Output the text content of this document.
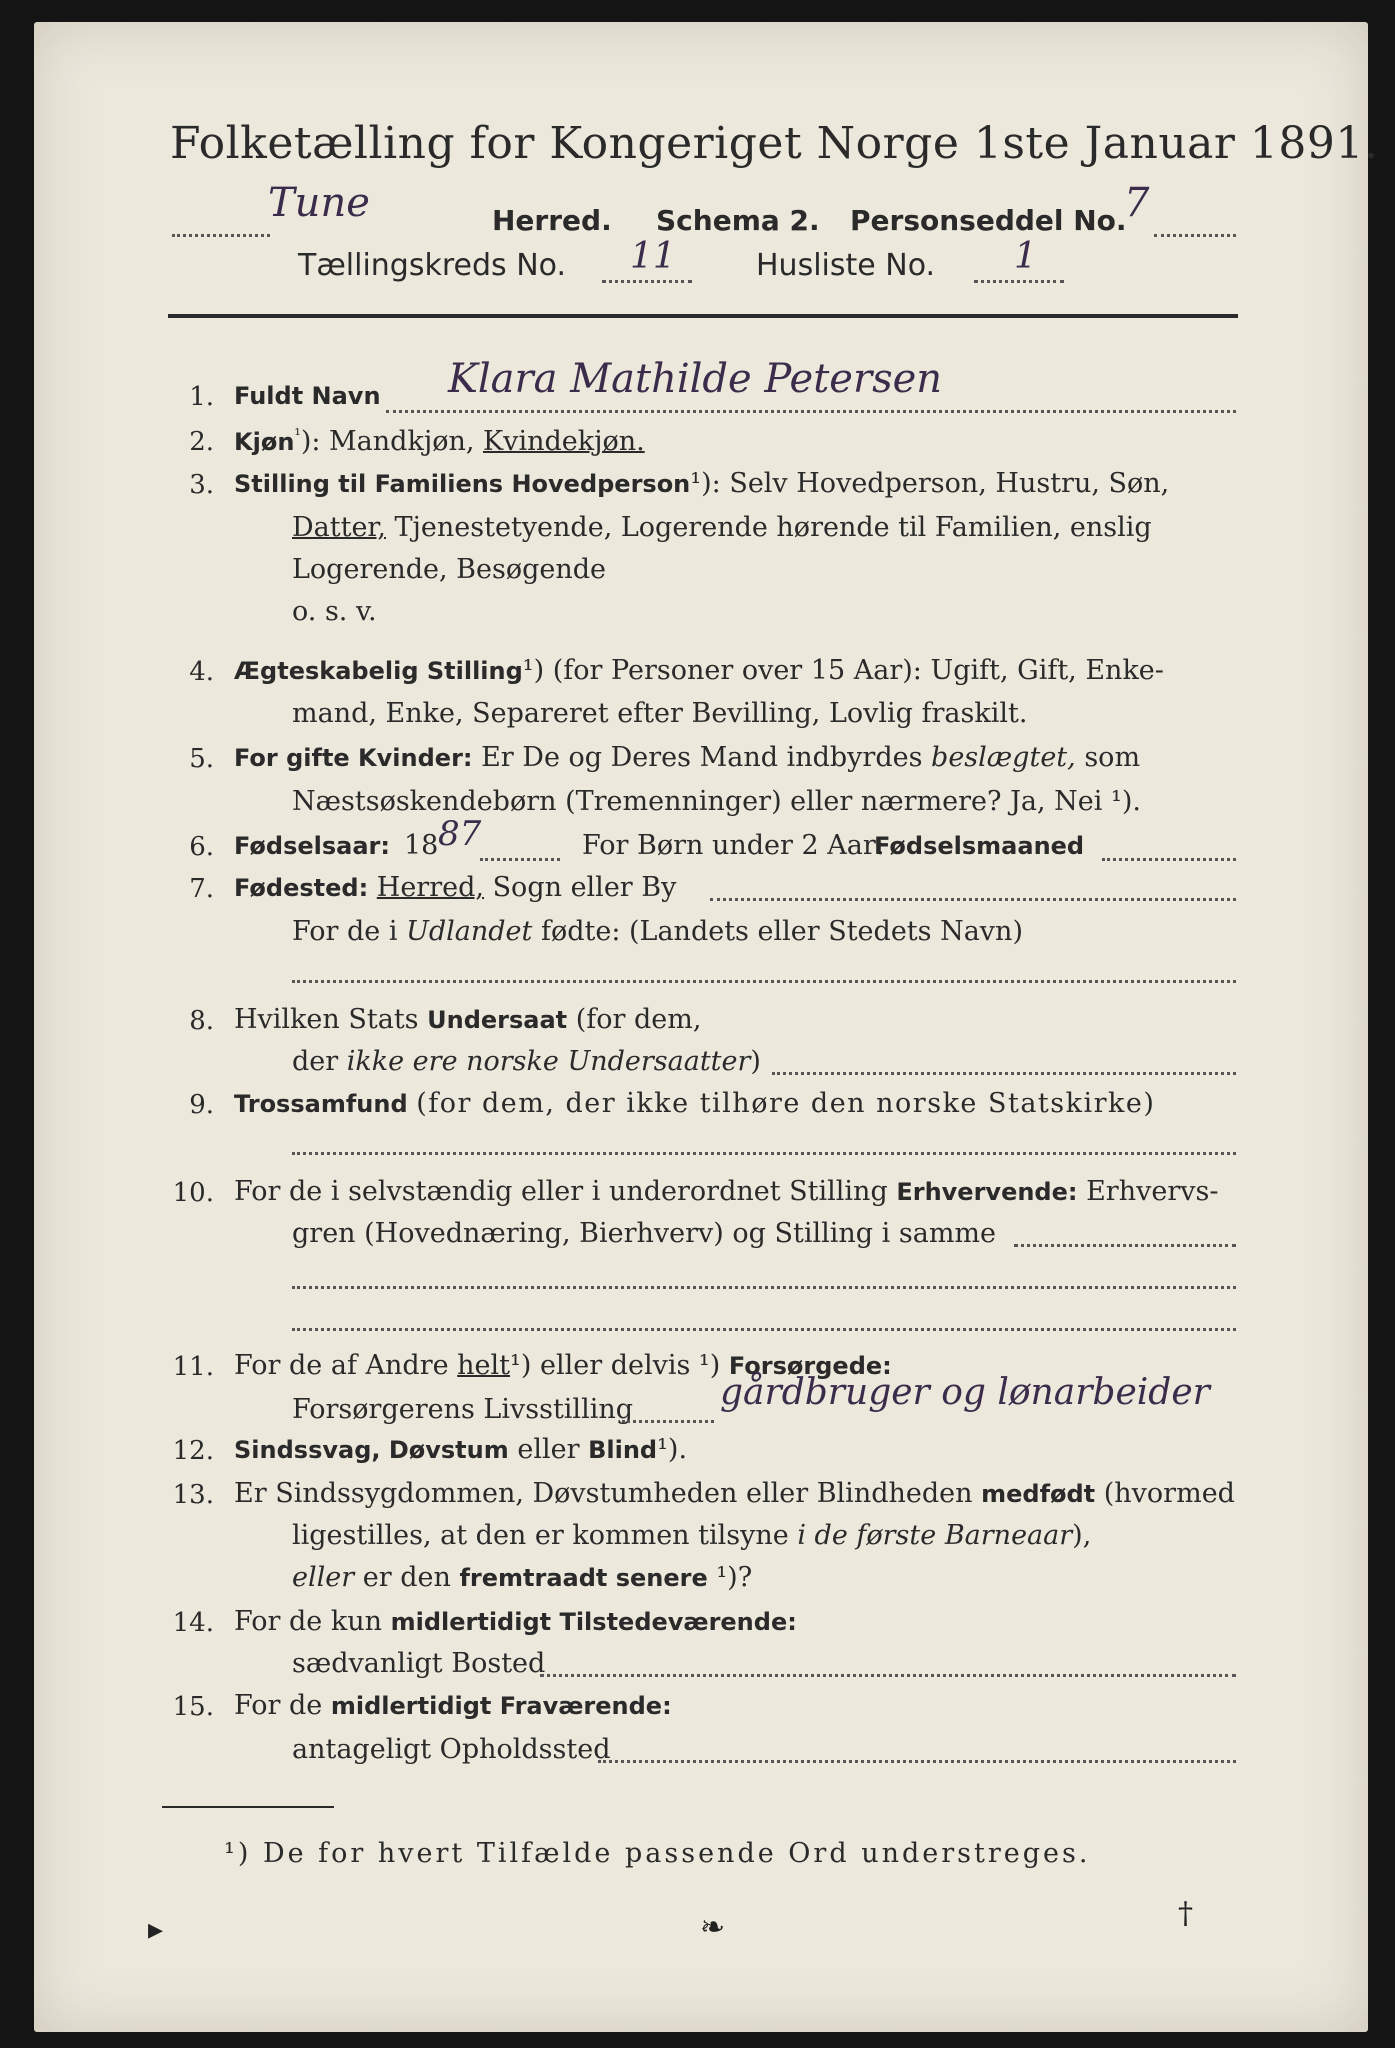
Folketælling for Kongeriget Norge 1ste Januar 1891.
Tune	Herred. Schema 2. Personseddel No.
7
Tællingskreds No. 11	Husliste No. 1
1. Fuldt Navn Klara Mathilde Petersen
2. Kjøn$^{^1}$): Mandkjøn, Kvindekjøn.
3. Stilling til Familiens Hovedperson¹): Selv Hovedperson, Hustru, Søn,
Datter, Tjenestetyende, Logerende hørende til Familien, enslig
Logerende, Besøgende
o. s. v.
4. Ægteskabelig Stilling¹) (for Personer over 15 Aar): Ugift, Gift, Enke-
mand, Enke, Separeret efter Bevilling, Lovlig fraskilt.
5. For gifte Kvinder: Er De og Deres Mand indbyrdes beslægtet, som
Næstsøskendebørn (Tremenninger) eller nærmere? Ja, Nei ¹).
6. Fødselsaar: 18 87	For Børn under 2 Aar:
Fødselsmaaned
7. Fødested: Herred, Sogn eller By
For de i Udlandet fødte: (Landets eller Stedets Navn)
8. Hvilken Stats Undersaat (for dem,
der ikke ere norske Undersaatter)
9. Trossamfund (for dem, der ikke tilhøre den norske Statskirke)
10. For de i selvstændig eller i underordnet Stilling Erhvervende: Erhvervs-
gren (Hovednæring, Bierhverv) og Stilling i samme
11. For de af Andre helt¹) eller delvis ¹) Forsørgede:
Forsørgerens Livsstilling gårdbruger og lønarbeider
12. Sindssvag, Døvstum eller Blind¹).
13. Er Sindssygdommen, Døvstumheden eller Blindheden medfødt (hvormed
ligestilles, at den er kommen tilsyne i de første Barneaar),
eller er den fremtraadt senere ¹)?
14. For de kun midlertidigt Tilstedeværende:
sædvanligt Bosted
15. For de midlertidigt Fraværende:
antageligt Opholdssted
¹) De for hvert Tilfælde passende Ord understreges.
▸	❧	†
